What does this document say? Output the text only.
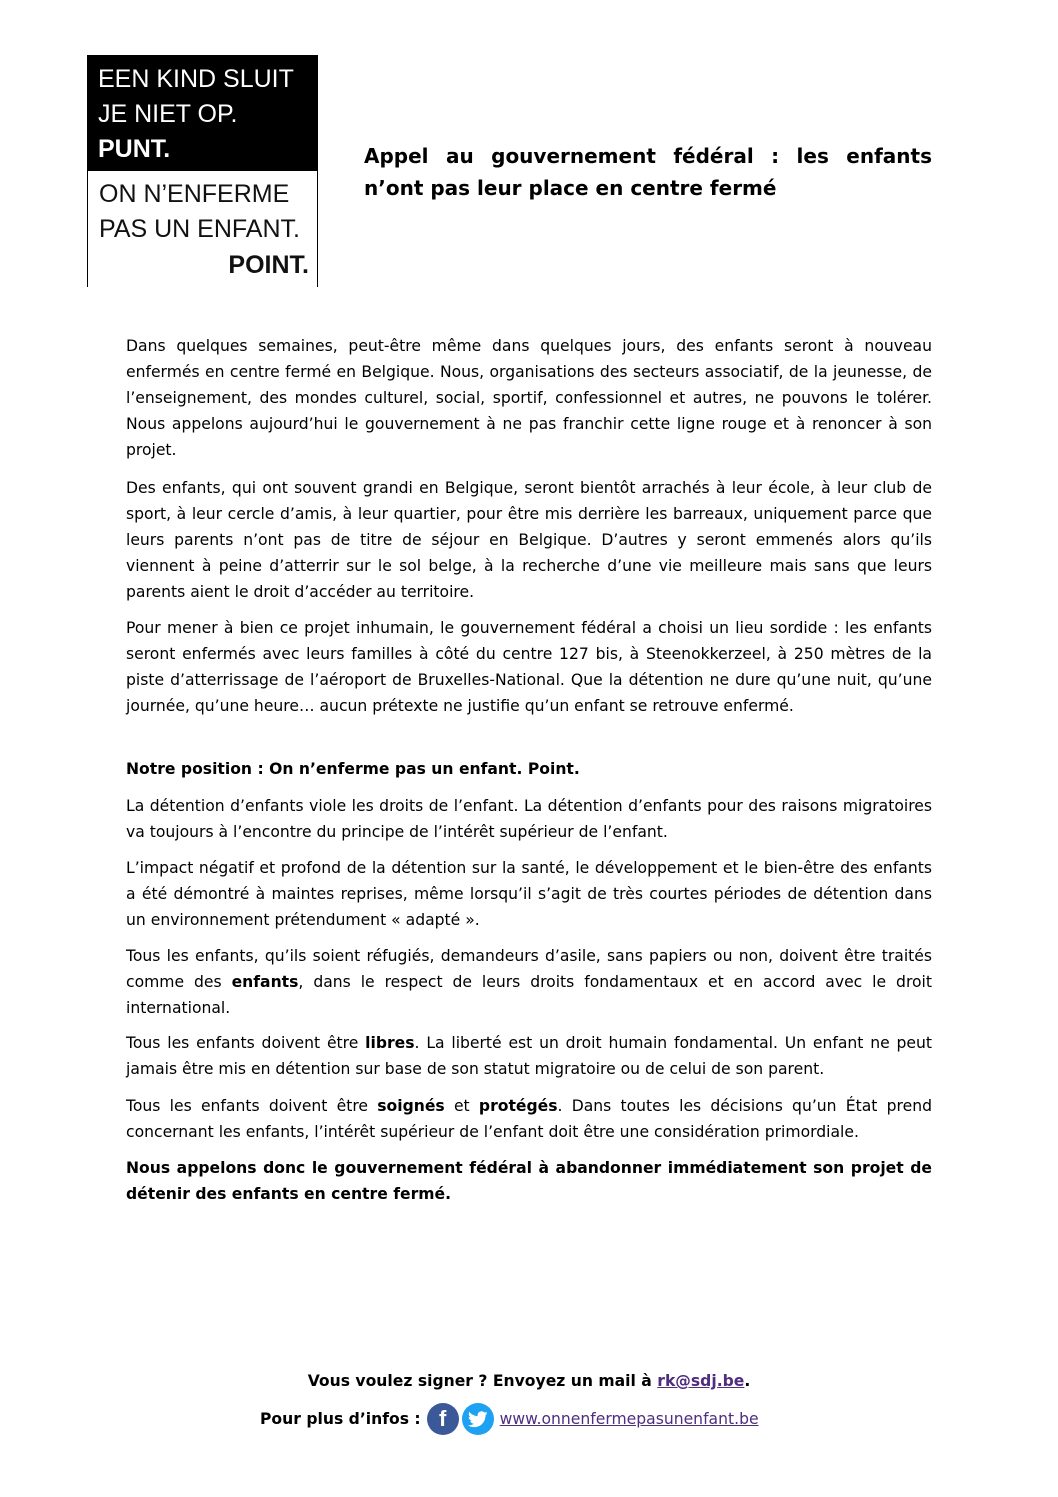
EEN KIND SLUIT
JE NIET OP.
PUNT.
ON N’ENFERME
PAS UN ENFANT.
POINT.
Appel au gouvernement fédéral : les enfants
n’ont pas leur place en centre fermé

Dans quelques semaines, peut-être même dans quelques jours, des enfants seront à nouveau enfermés en centre fermé en Belgique. Nous, organisations des secteurs associatif, de la jeunesse, de l’enseignement, des mondes culturel, social, sportif, confessionnel et autres, ne pouvons le tolérer. Nous appelons aujourd’hui le gouvernement à ne pas franchir cette ligne rouge et à renoncer à son projet.

Des enfants, qui ont souvent grandi en Belgique, seront bientôt arrachés à leur école, à leur club de sport, à leur cercle d’amis, à leur quartier, pour être mis derrière les barreaux, uniquement parce que leurs parents n’ont pas de titre de séjour en Belgique. D’autres y seront emmenés alors qu’ils viennent à peine d’atterrir sur le sol belge, à la recherche d’une vie meilleure mais sans que leurs parents aient le droit d’accéder au territoire.

Pour mener à bien ce projet inhumain, le gouvernement fédéral a choisi un lieu sordide : les enfants seront enfermés avec leurs familles à côté du centre 127 bis, à Steenokkerzeel, à 250 mètres de la piste d’atterrissage de l’aéroport de Bruxelles-National. Que la détention ne dure qu’une nuit, qu’une journée, qu’une heure… aucun prétexte ne justifie qu’un enfant se retrouve enfermé.

Notre position : On n’enferme pas un enfant. Point.

La détention d’enfants viole les droits de l’enfant. La détention d’enfants pour des raisons migratoires va toujours à l’encontre du principe de l’intérêt supérieur de l’enfant.

L’impact négatif et profond de la détention sur la santé, le développement et le bien-être des enfants a été démontré à maintes reprises, même lorsqu’il s’agit de très courtes périodes de détention dans un environnement prétendument « adapté ».

Tous les enfants, qu’ils soient réfugiés, demandeurs d’asile, sans papiers ou non, doivent être traités comme des enfants, dans le respect de leurs droits fondamentaux et en accord avec le droit international.

Tous les enfants doivent être libres. La liberté est un droit humain fondamental. Un enfant ne peut jamais être mis en détention sur base de son statut migratoire ou de celui de son parent.

Tous les enfants doivent être soignés et protégés. Dans toutes les décisions qu’un État prend concernant les enfants, l’intérêt supérieur de l’enfant doit être une considération primordiale.

Nous appelons donc le gouvernement fédéral à abandonner immédiatement son projet de détenir des enfants en centre fermé.

Vous voulez signer ? Envoyez un mail à rk@sdj.be.
Pour plus d’infos : f	www.onnenfermepasunenfant.be
